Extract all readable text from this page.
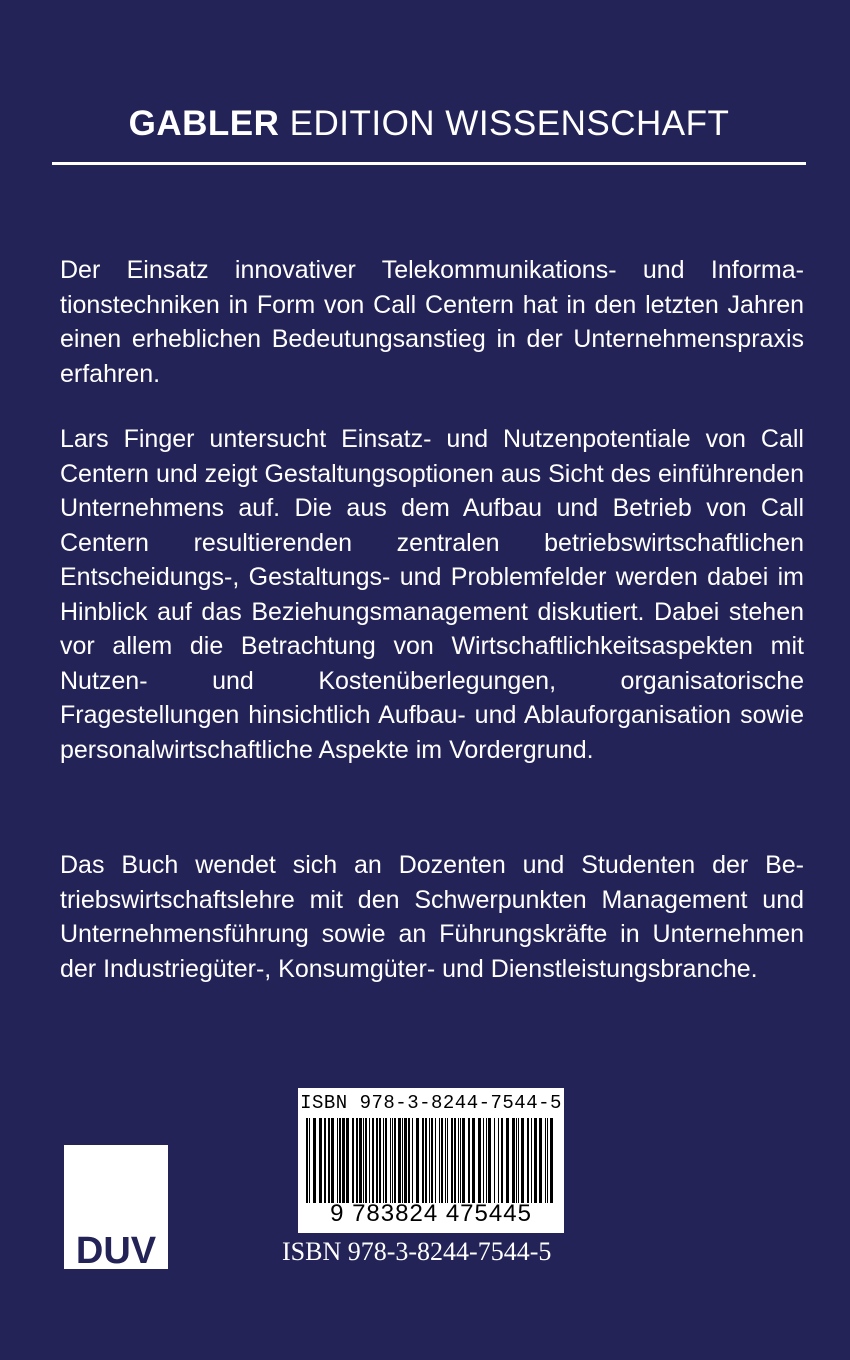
GABLER EDITION WISSENSCHAFT
Der Einsatz innovativer Telekommunikations- und Informationstechniken in Form von Call Centern hat in den letzten Jahren einen erheblichen Bedeutungsanstieg in der Unternehmenspraxis erfahren.
Lars Finger untersucht Einsatz- und Nutzenpotentiale von Call Centern und zeigt Gestaltungsoptionen aus Sicht des einführenden Unternehmens auf. Die aus dem Aufbau und Betrieb von Call Centern resultierenden zentralen betriebswirtschaftlichen Entscheidungs-, Gestaltungs- und Problemfelder werden dabei im Hinblick auf das Beziehungsmanagement diskutiert. Dabei stehen vor allem die Betrachtung von Wirtschaftlichkeitsaspekten mit Nutzen- und Kostenüberlegungen, organisatorische Fragestellungen hinsichtlich Aufbau- und Ablauforganisation sowie personalwirtschaftliche Aspekte im Vordergrund.
Das Buch wendet sich an Dozenten und Studenten der Betriebswirtschaftslehre mit den Schwerpunkten Management und Unternehmensführung sowie an Führungskräfte in Unternehmen der Industriegüter-, Konsumgüter- und Dienstleistungsbranche.
ISBN 978-3-8244-7544-5
9 783824 475445
ISBN 978-3-8244-7544-5
DUV
